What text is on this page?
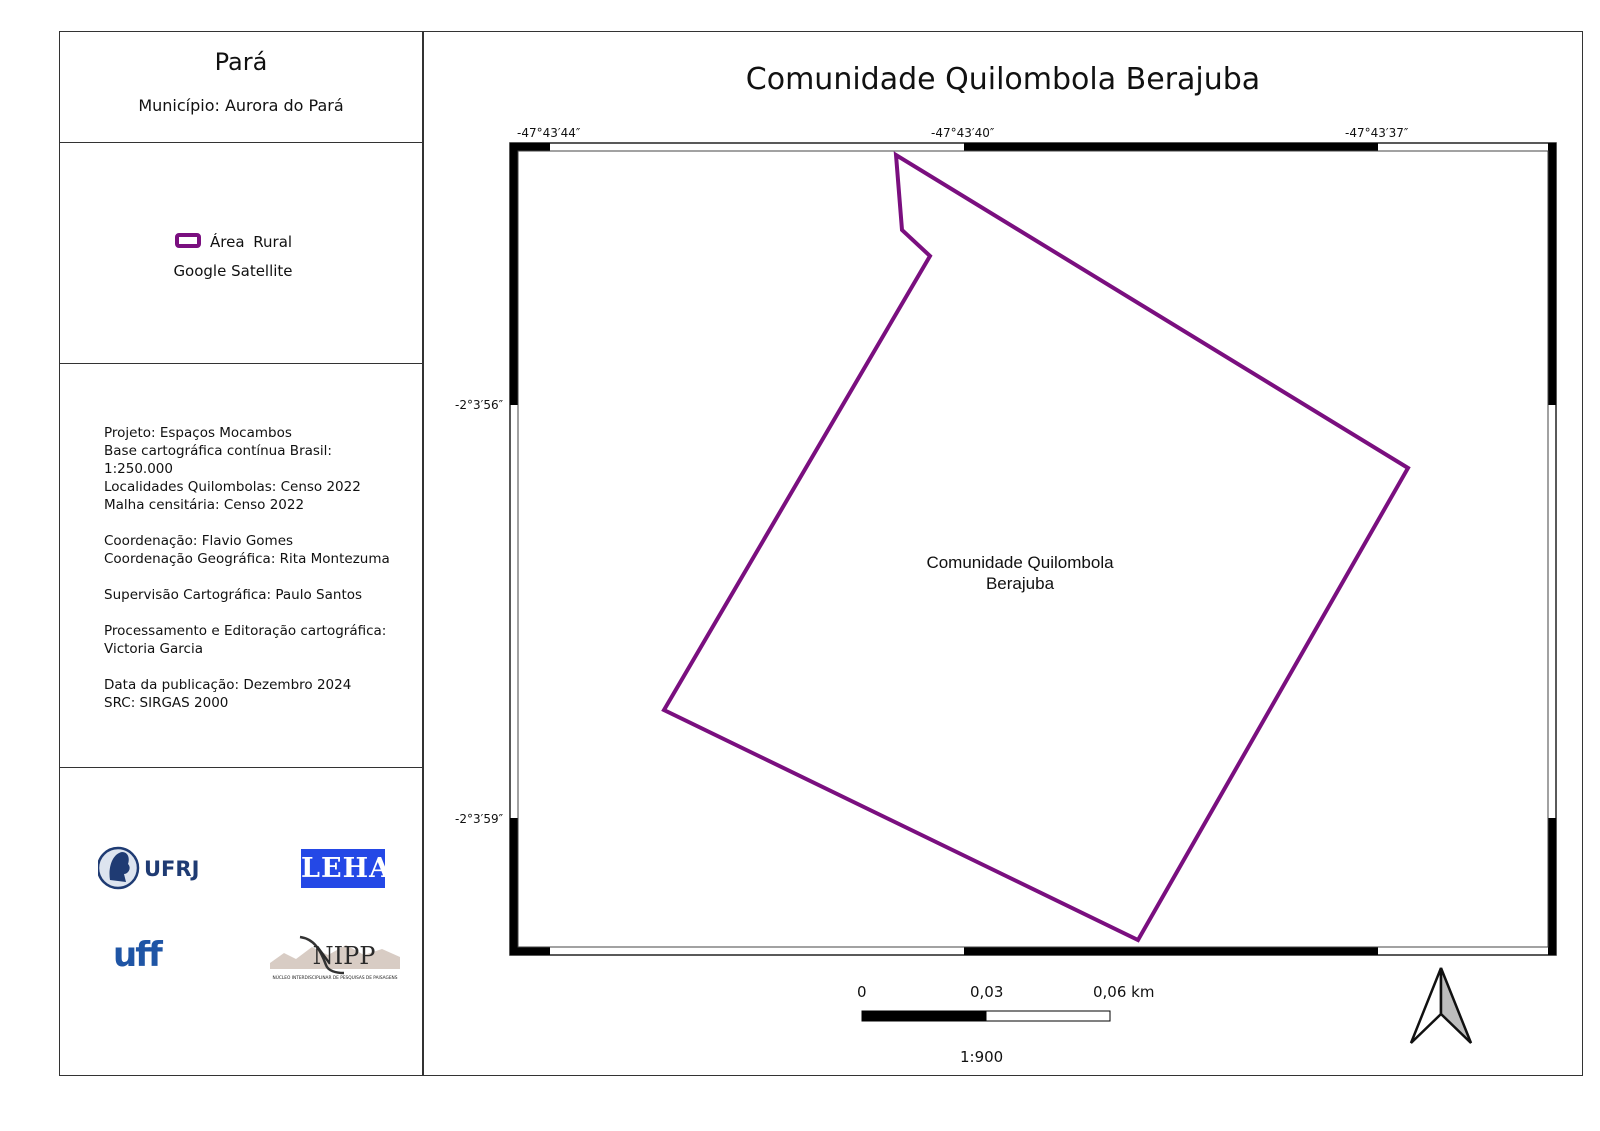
Pará
Município: Aurora do Pará
Área Rural
Google Satellite
Projeto: Espaços Mocambos
Base cartográfica contínua Brasil:
1:250.000
Localidades Quilombolas: Censo 2022
Malha censitária: Censo 2022
Coordenação: Flavio Gomes
Coordenação Geográfica: Rita Montezuma
Supervisão Cartográfica: Paulo Santos
Processamento e Editoração cartográfica:
Victoria Garcia
Data da publicação: Dezembro 2024
SRC: SIRGAS 2000
UFRJ	LEHA
uff	NIPP
NÚCLEO INTERDISCIPLINAR DE PESQUISAS DE PAISAGENS
Comunidade Quilombola Berajuba
-47°43′44″	-47°43′40″	-47°43′37″
-2°3′56″
-2°3′59″
Comunidade Quilombola
Berajuba
0	0,03	0,06 km
1:900
